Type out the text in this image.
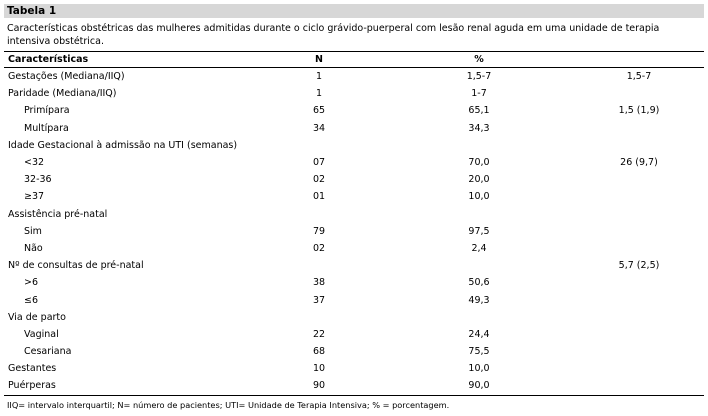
Tabela 1
Características obstétricas das mulheres admitidas durante o ciclo grávido-puerperal com lesão renal aguda em uma unidade de terapia intensiva obstétrica.
Características	N	%	
Gestações (Mediana/IIQ)	1	1,5-7	1,5-7
Paridade (Mediana/IIQ)	1	1-7	
Primípara	65	65,1	1,5 (1,9)
Multípara	34	34,3	
Idade Gestacional à admissão na UTI (semanas)			
<32	07	70,0	26 (9,7)
32-36	02	20,0	
≥37	01	10,0	
Assistência pré-natal			
Sim	79	97,5	
Não	02	2,4	
Nº de consultas de pré-natal			5,7 (2,5)
>6	38	50,6	
≤6	37	49,3	
Via de parto			
Vaginal	22	24,4	
Cesariana	68	75,5	
Gestantes	10	10,0	
Puérperas	90	90,0	
IIQ= intervalo interquartil; N= número de pacientes; UTI= Unidade de Terapia Intensiva; % = porcentagem.
